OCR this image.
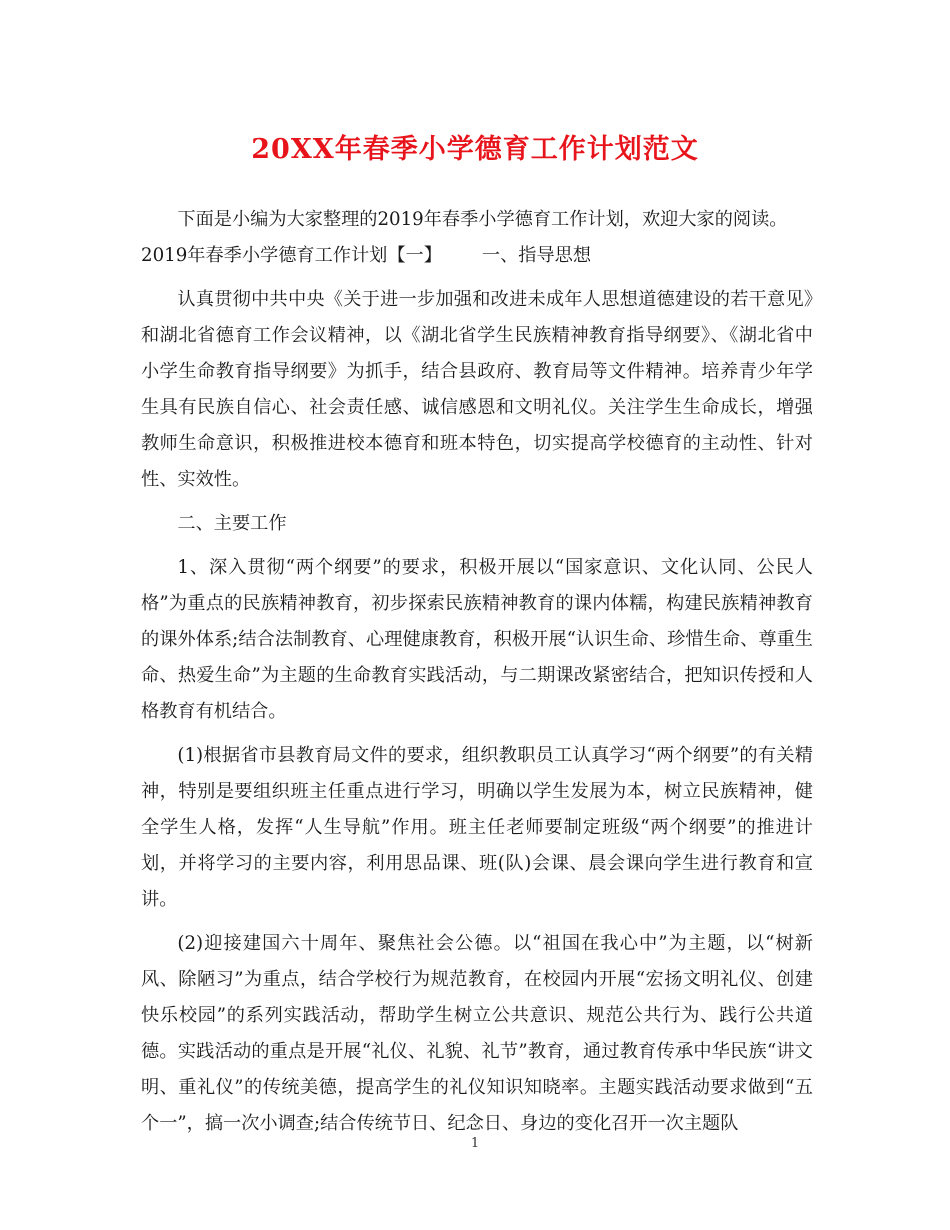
20XX年春季小学德育工作计划范文

下面是小编为大家整理的2019年春季小学德育工作计划，欢迎大家的阅读。

2019年春季小学德育工作计划【一】 一、指导思想

认真贯彻中共中央《关于进一步加强和改进未成年人思想道德建设的若干意见》和湖北省德育工作会议精神，以《湖北省学生民族精神教育指导纲要》、《湖北省中小学生命教育指导纲要》为抓手，结合县政府、教育局等文件精神。培养青少年学生具有民族自信心、社会责任感、诚信感恩和文明礼仪。关注学生生命成长，增强教师生命意识，积极推进校本德育和班本特色，切实提高学校德育的主动性、针对性、实效性。

二、主要工作

1、深入贯彻“两个纲要”的要求，积极开展以“国家意识、文化认同、公民人格”为重点的民族精神教育，初步探索民族精神教育的课内体糯，构建民族精神教育的课外体系;结合法制教育、心理健康教育，积极开展“认识生命、珍惜生命、尊重生命、热爱生命”为主题的生命教育实践活动，与二期课改紧密结合，把知识传授和人格教育有机结合。

(1)根据省市县教育局文件的要求，组织教职员工认真学习“两个纲要”的有关精神，特别是要组织班主任重点进行学习，明确以学生发展为本，树立民族精神，健全学生人格，发挥“人生导航”作用。班主任老师要制定班级“两个纲要”的推进计划，并将学习的主要内容，利用思品课、班(队)会课、晨会课向学生进行教育和宣讲。

(2)迎接建国六十周年、聚焦社会公德。以“祖国在我心中”为主题，以“树新风、除陋习”为重点，结合学校行为规范教育，在校园内开展“宏扬文明礼仪、创建快乐校园”的系列实践活动，帮助学生树立公共意识、规范公共行为、践行公共道德。实践活动的重点是开展“礼仪、礼貌、礼节”教育，通过教育传承中华民族“讲文明、重礼仪”的传统美德，提高学生的礼仪知识知晓率。主题实践活动要求做到“五个一”，搞一次小调查;结合传统节日、纪念日、身边的变化召开一次主题队

1
